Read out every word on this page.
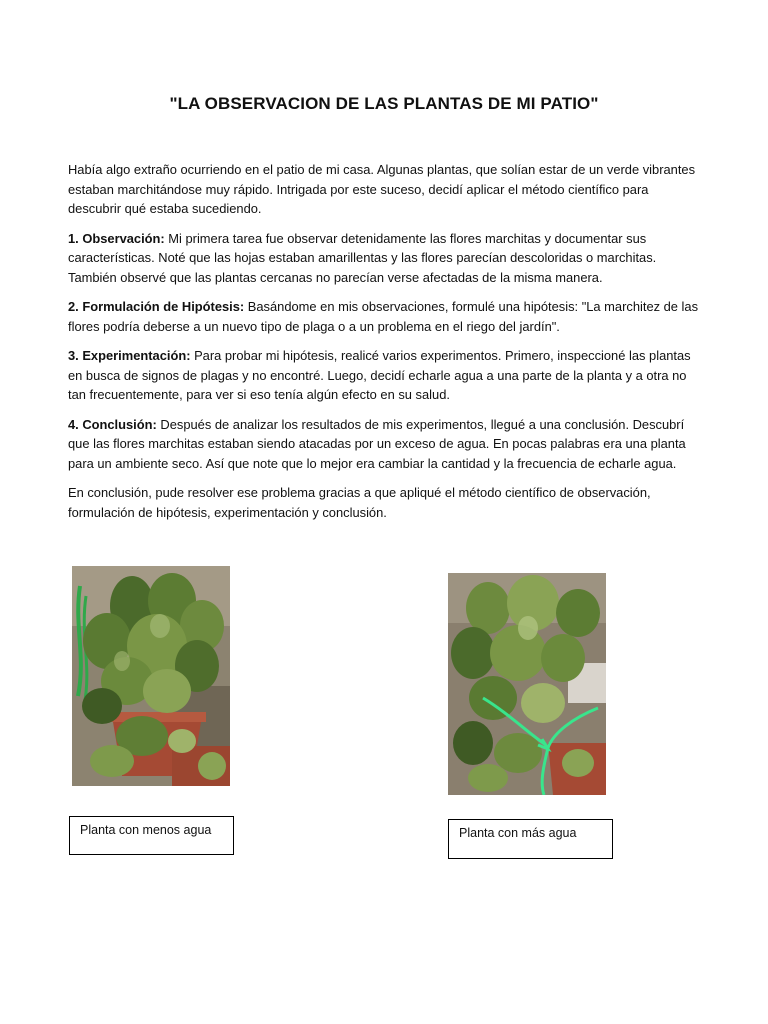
"LA OBSERVACION DE LAS PLANTAS DE MI PATIO"

Había algo extraño ocurriendo en el patio de mi casa. Algunas plantas, que solían estar de un verde vibrantes estaban marchitándose muy rápido. Intrigada por este suceso, decidí aplicar el método científico para descubrir qué estaba sucediendo.

1. Observación: Mi primera tarea fue observar detenidamente las flores marchitas y documentar sus características. Noté que las hojas estaban amarillentas y las flores parecían descoloridas o marchitas. También observé que las plantas cercanas no parecían verse afectadas de la misma manera.

2. Formulación de Hipótesis: Basándome en mis observaciones, formulé una hipótesis: "La marchitez de las flores podría deberse a un nuevo tipo de plaga o a un problema en el riego del jardín".

3. Experimentación: Para probar mi hipótesis, realicé varios experimentos. Primero, inspeccioné las plantas en busca de signos de plagas y no encontré. Luego, decidí echarle agua a una parte de la planta y a otra no tan frecuentemente, para ver si eso tenía algún efecto en su salud.

4. Conclusión: Después de analizar los resultados de mis experimentos, llegué a una conclusión. Descubrí que las flores marchitas estaban siendo atacadas por un exceso de agua. En pocas palabras era una planta para un ambiente seco. Así que note que lo mejor era cambiar la cantidad y la frecuencia de echarle agua.

En conclusión, pude resolver ese problema gracias a que apliqué el método científico de observación, formulación de hipótesis, experimentación y conclusión.

Planta con menos agua	Planta con más agua
